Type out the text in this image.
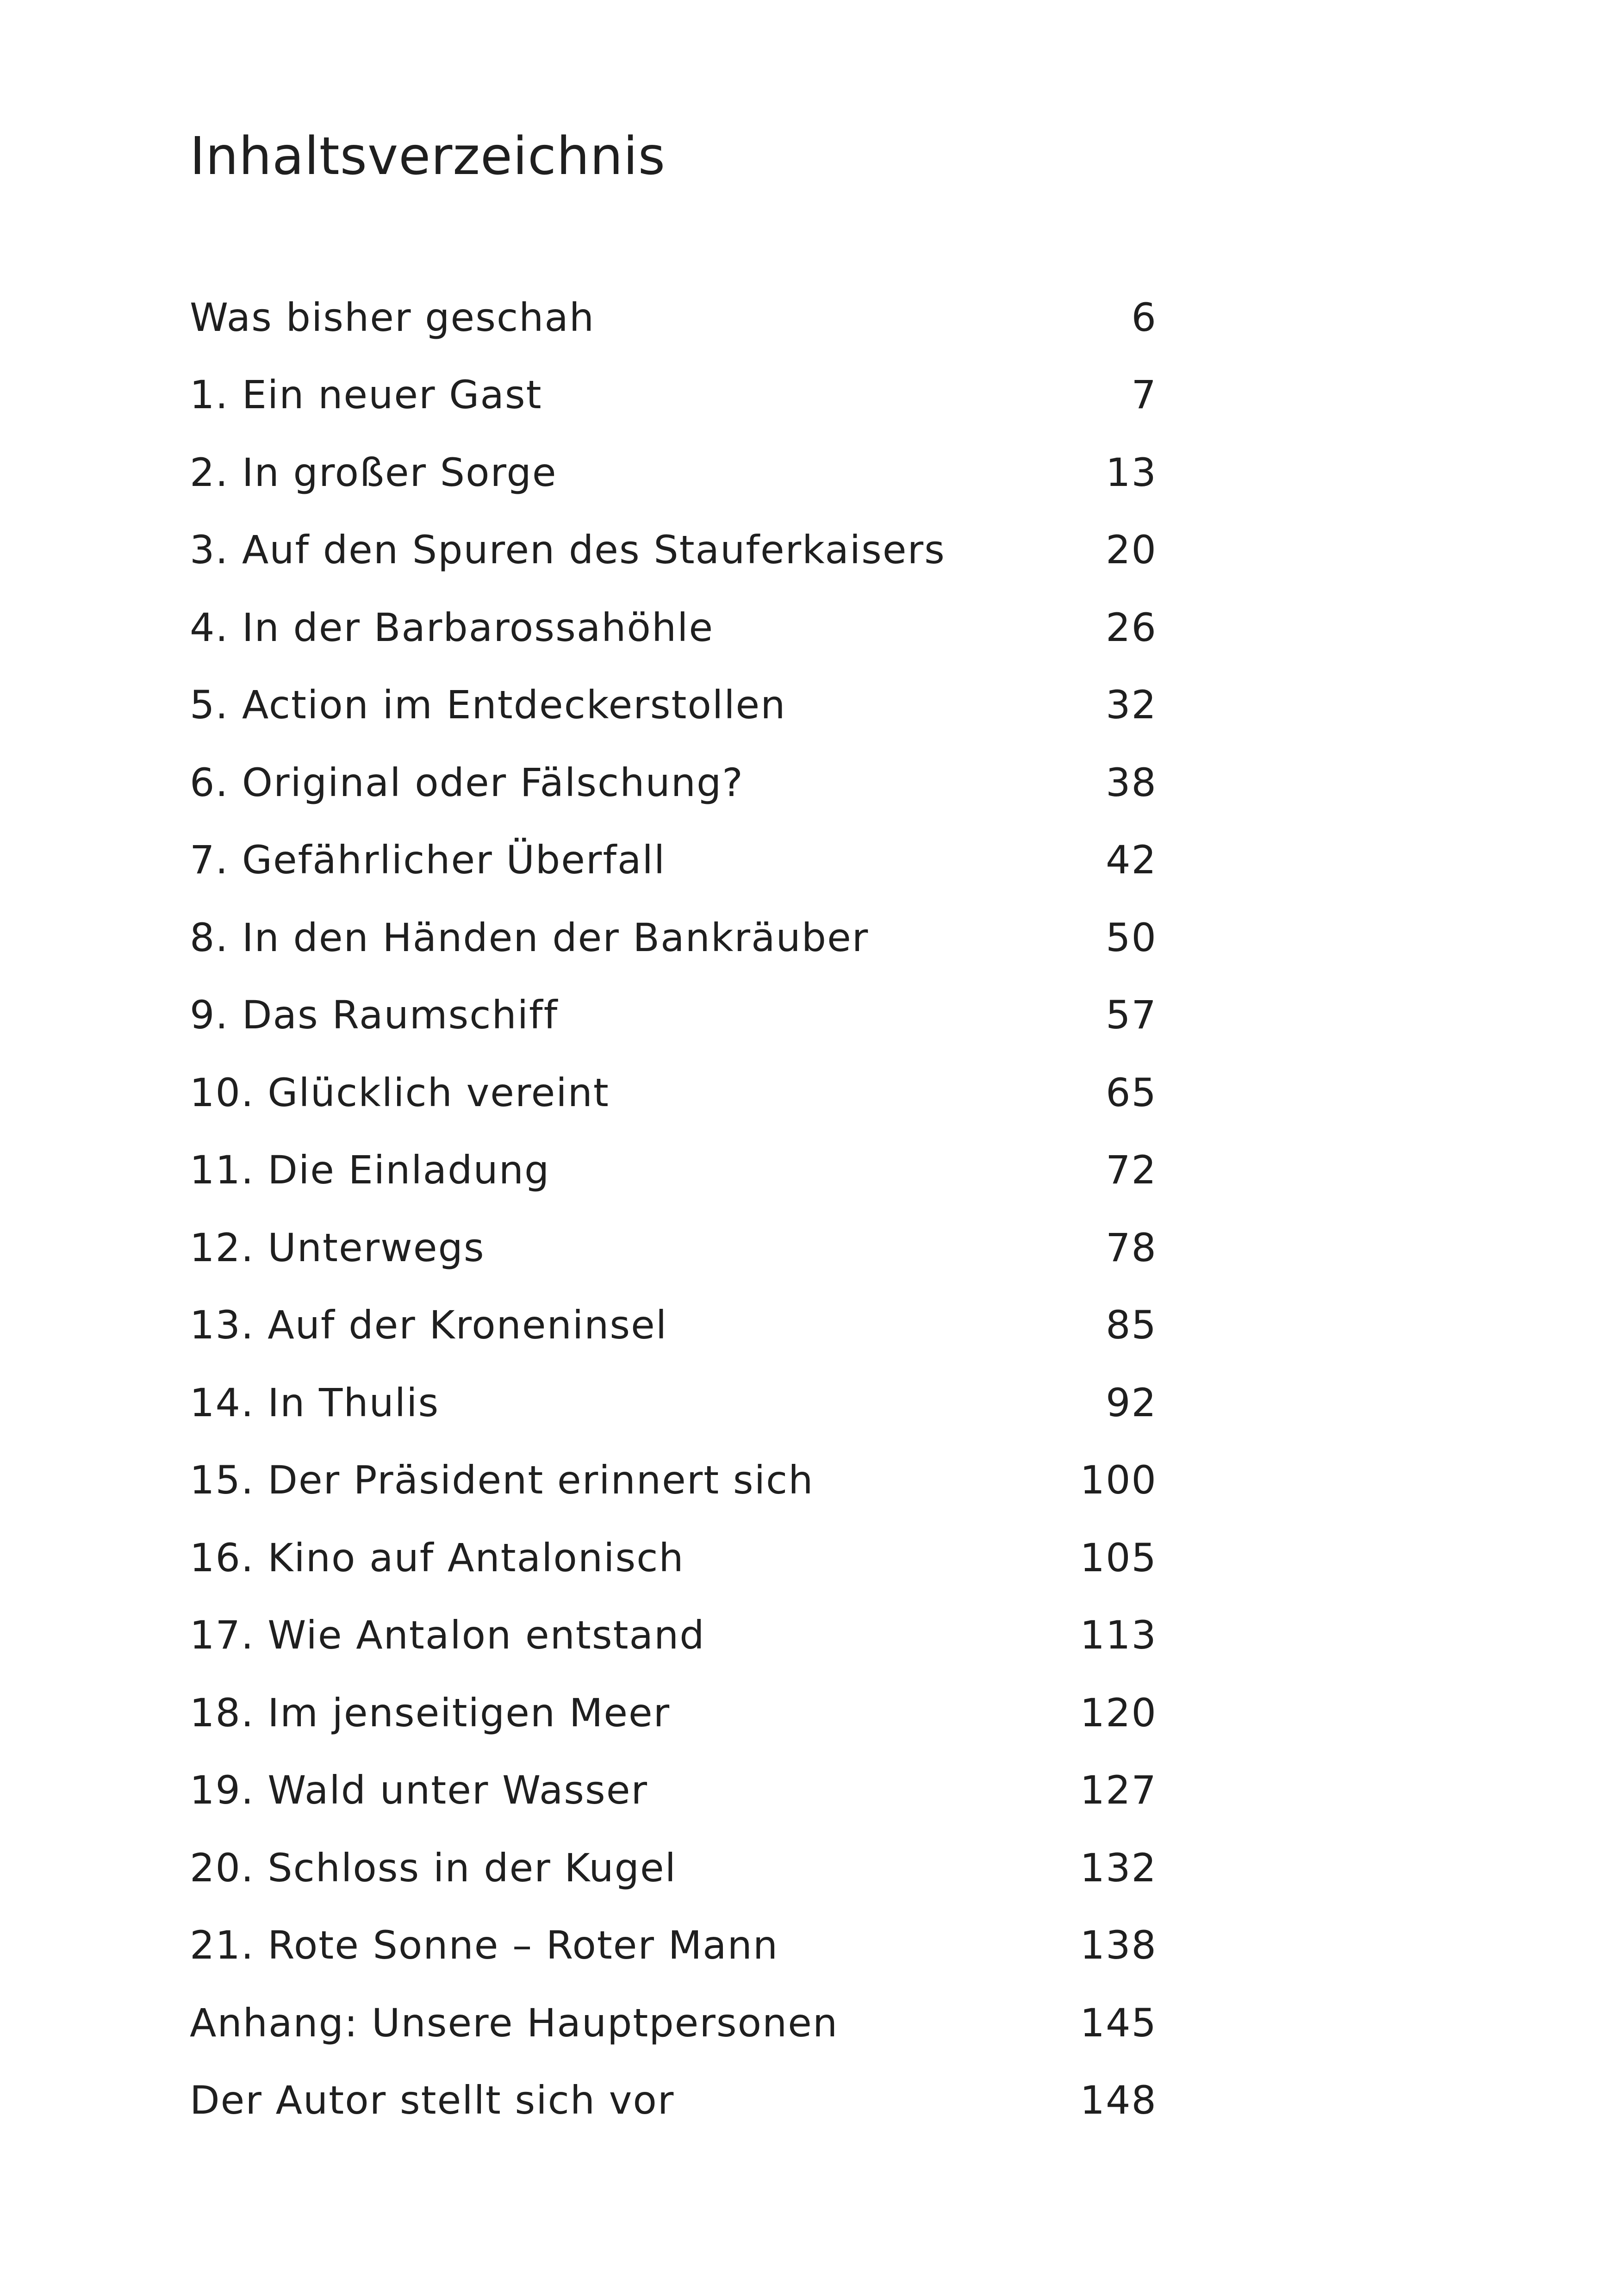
Inhaltsverzeichnis
Was bisher geschah	6
1. Ein neuer Gast	7
2. In großer Sorge	13
3. Auf den Spuren des Stauferkaisers	20
4. In der Barbarossahöhle	26
5. Action im Entdeckerstollen	32
6. Original oder Fälschung?	38
7. Gefährlicher Überfall	42
8. In den Händen der Bankräuber	50
9. Das Raumschiff	57
10. Glücklich vereint	65
11. Die Einladung	72
12. Unterwegs	78
13. Auf der Kroneninsel	85
14. In Thulis	92
15. Der Präsident erinnert sich	100
16. Kino auf Antalonisch	105
17. Wie Antalon entstand	113
18. Im jenseitigen Meer	120
19. Wald unter Wasser	127
20. Schloss in der Kugel	132
21. Rote Sonne – Roter Mann	138
Anhang: Unsere Hauptpersonen	145
Der Autor stellt sich vor	148
